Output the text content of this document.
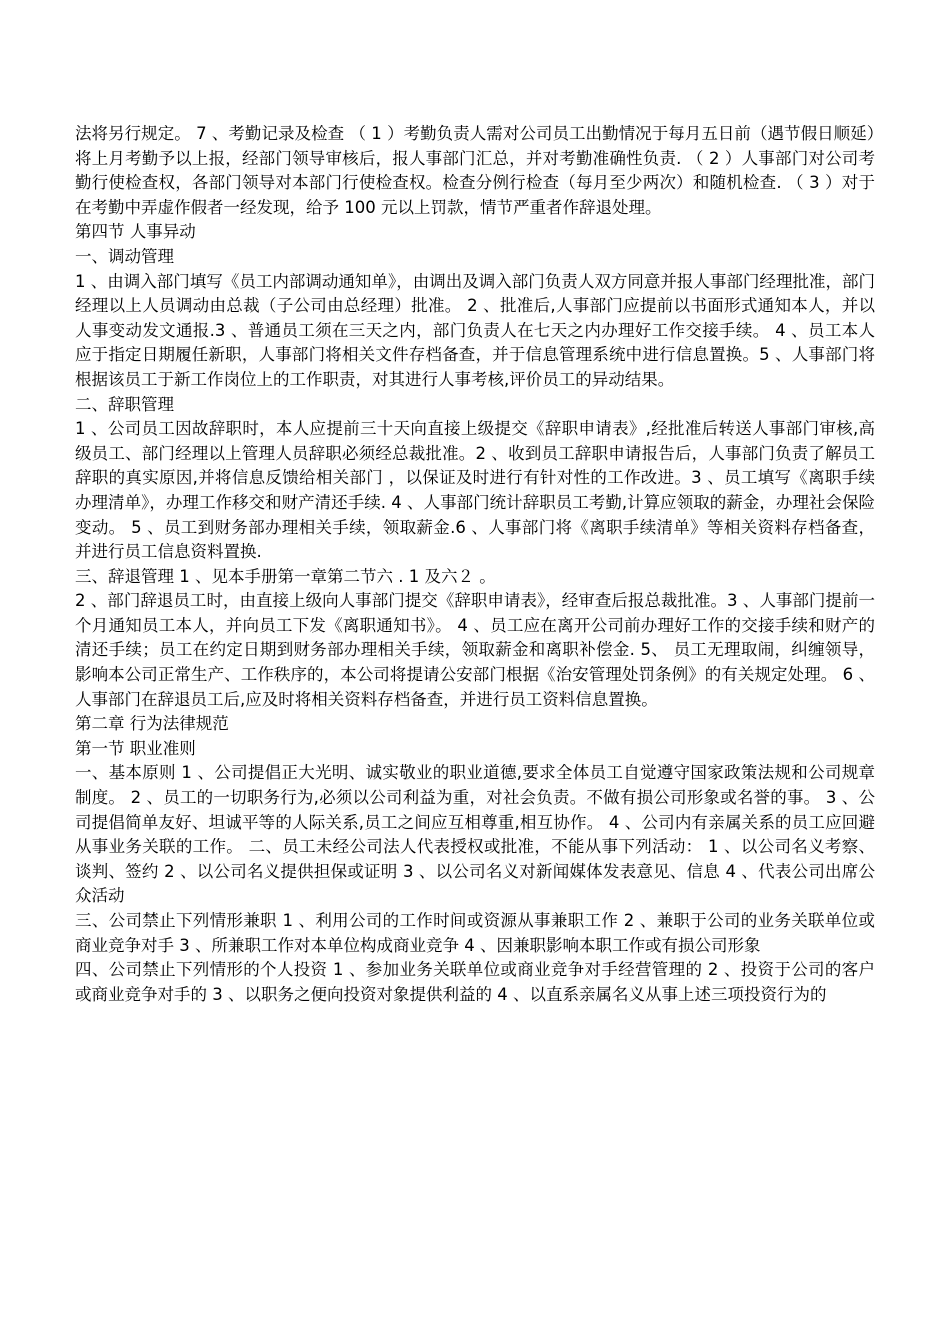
法将另行规定。 7 、考勤记录及检查 （ 1 ）考勤负责人需对公司员工出勤情况于每月五日前（遇节假日顺延）将上月考勤予以上报，经部门领导审核后，报人事部门汇总，并对考勤准确性负责. （ 2 ）人事部门对公司考勤行使检查权，各部门领导对本部门行使检查权。检查分例行检查（每月至少两次）和随机检查. （ 3 ）对于在考勤中弄虚作假者一经发现，给予 100 元以上罚款，情节严重者作辞退处理。

第四节 人事异动

一、调动管理

1 、由调入部门填写《员工内部调动通知单》，由调出及调入部门负责人双方同意并报人事部门经理批准，部门经理以上人员调动由总裁（子公司由总经理）批准。 2 、批准后,人事部门应提前以书面形式通知本人，并以人事变动发文通报.3 、普通员工须在三天之内，部门负责人在七天之内办理好工作交接手续。 4 、员工本人应于指定日期履任新职，人事部门将相关文件存档备查，并于信息管理系统中进行信息置换。5 、人事部门将根据该员工于新工作岗位上的工作职责，对其进行人事考核,评价员工的异动结果。

二、辞职管理

1 、公司员工因故辞职时，本人应提前三十天向直接上级提交《辞职申请表》,经批准后转送人事部门审核,高级员工、部门经理以上管理人员辞职必须经总裁批准。2 、收到员工辞职申请报告后，人事部门负责了解员工辞职的真实原因,并将信息反馈给相关部门 ，以保证及时进行有针对性的工作改进。3 、员工填写《离职手续办理清单》，办理工作移交和财产清还手续. 4 、人事部门统计辞职员工考勤,计算应领取的薪金，办理社会保险变动。 5 、员工到财务部办理相关手续，领取薪金.6 、人事部门将《离职手续清单》等相关资料存档备查，并进行员工信息资料置换.

三、辞退管理 1 、见本手册第一章第二节六 . 1 及六２ 。

2 、部门辞退员工时，由直接上级向人事部门提交《辞职申请表》，经审查后报总裁批准。3 、人事部门提前一个月通知员工本人，并向员工下发《离职通知书》。 4 、员工应在离开公司前办理好工作的交接手续和财产的清还手续；员工在约定日期到财务部办理相关手续，领取薪金和离职补偿金. 5、 员工无理取闹，纠缠领导，影响本公司正常生产、工作秩序的，本公司将提请公安部门根据《治安管理处罚条例》的有关规定处理。 6 、人事部门在辞退员工后,应及时将相关资料存档备查，并进行员工资料信息置换。

第二章 行为法律规范

第一节 职业准则

一、基本原则 1 、公司提倡正大光明、诚实敬业的职业道德,要求全体员工自觉遵守国家政策法规和公司规章制度。 2 、员工的一切职务行为,必须以公司利益为重，对社会负责。不做有损公司形象或名誉的事。 3 、公司提倡简单友好、坦诚平等的人际关系,员工之间应互相尊重,相互协作。 4 、公司内有亲属关系的员工应回避从事业务关联的工作。 二、员工未经公司法人代表授权或批准，不能从事下列活动： 1 、以公司名义考察、谈判、签约 2 、以公司名义提供担保或证明 3 、以公司名义对新闻媒体发表意见、信息 4 、代表公司出席公众活动

三、公司禁止下列情形兼职 1 、利用公司的工作时间或资源从事兼职工作 2 、兼职于公司的业务关联单位或商业竞争对手 3 、所兼职工作对本单位构成商业竞争 4 、因兼职影响本职工作或有损公司形象

四、公司禁止下列情形的个人投资 1 、参加业务关联单位或商业竞争对手经营管理的 2 、投资于公司的客户或商业竞争对手的 3 、以职务之便向投资对象提供利益的 4 、以直系亲属名义从事上述三项投资行为的
